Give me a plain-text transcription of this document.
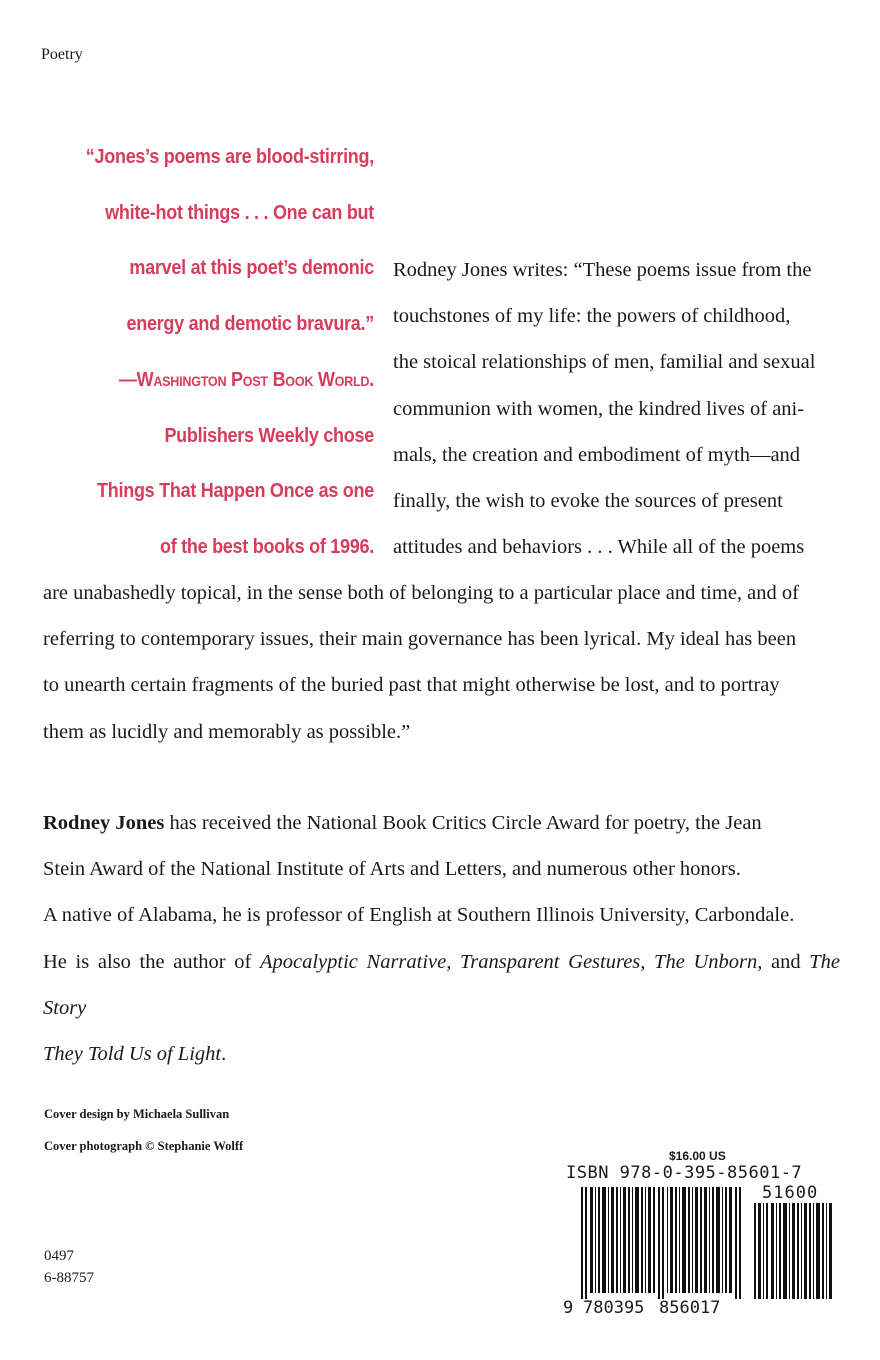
Poetry
“Jones’s poems are blood-stirring,
white-hot things . . . One can but
marvel at this poet’s demonic
energy and demotic bravura.”
—Washington Post Book World.
Publishers Weekly chose
Things That Happen Once as one
of the best books of 1996.
Rodney Jones writes: “These poems issue from the
touchstones of my life: the powers of childhood,
the stoical relationships of men, familial and sexual
communion with women, the kindred lives of ani-
mals, the creation and embodiment of myth—and
finally, the wish to evoke the sources of present
attitudes and behaviors . . . While all of the poems
are unabashedly topical, in the sense both of belonging to a particular place and time, and of
referring to contemporary issues, their main governance has been lyrical. My ideal has been
to unearth certain fragments of the buried past that might otherwise be lost, and to portray
them as lucidly and memorably as possible.”
Rodney Jones has received the National Book Critics Circle Award for poetry, the Jean
Stein Award of the National Institute of Arts and Letters, and numerous other honors.
A native of Alabama, he is professor of English at Southern Illinois University, Carbondale.
He is also the author of Apocalyptic Narrative, Transparent Gestures, The Unborn, and The Story
They Told Us of Light.
Cover design by Michaela Sullivan
Cover photograph © Stephanie Wolff
0497
6-88757
$16.00 US
ISBN 978-0-395-85601-7
51600
9 780395 856017
